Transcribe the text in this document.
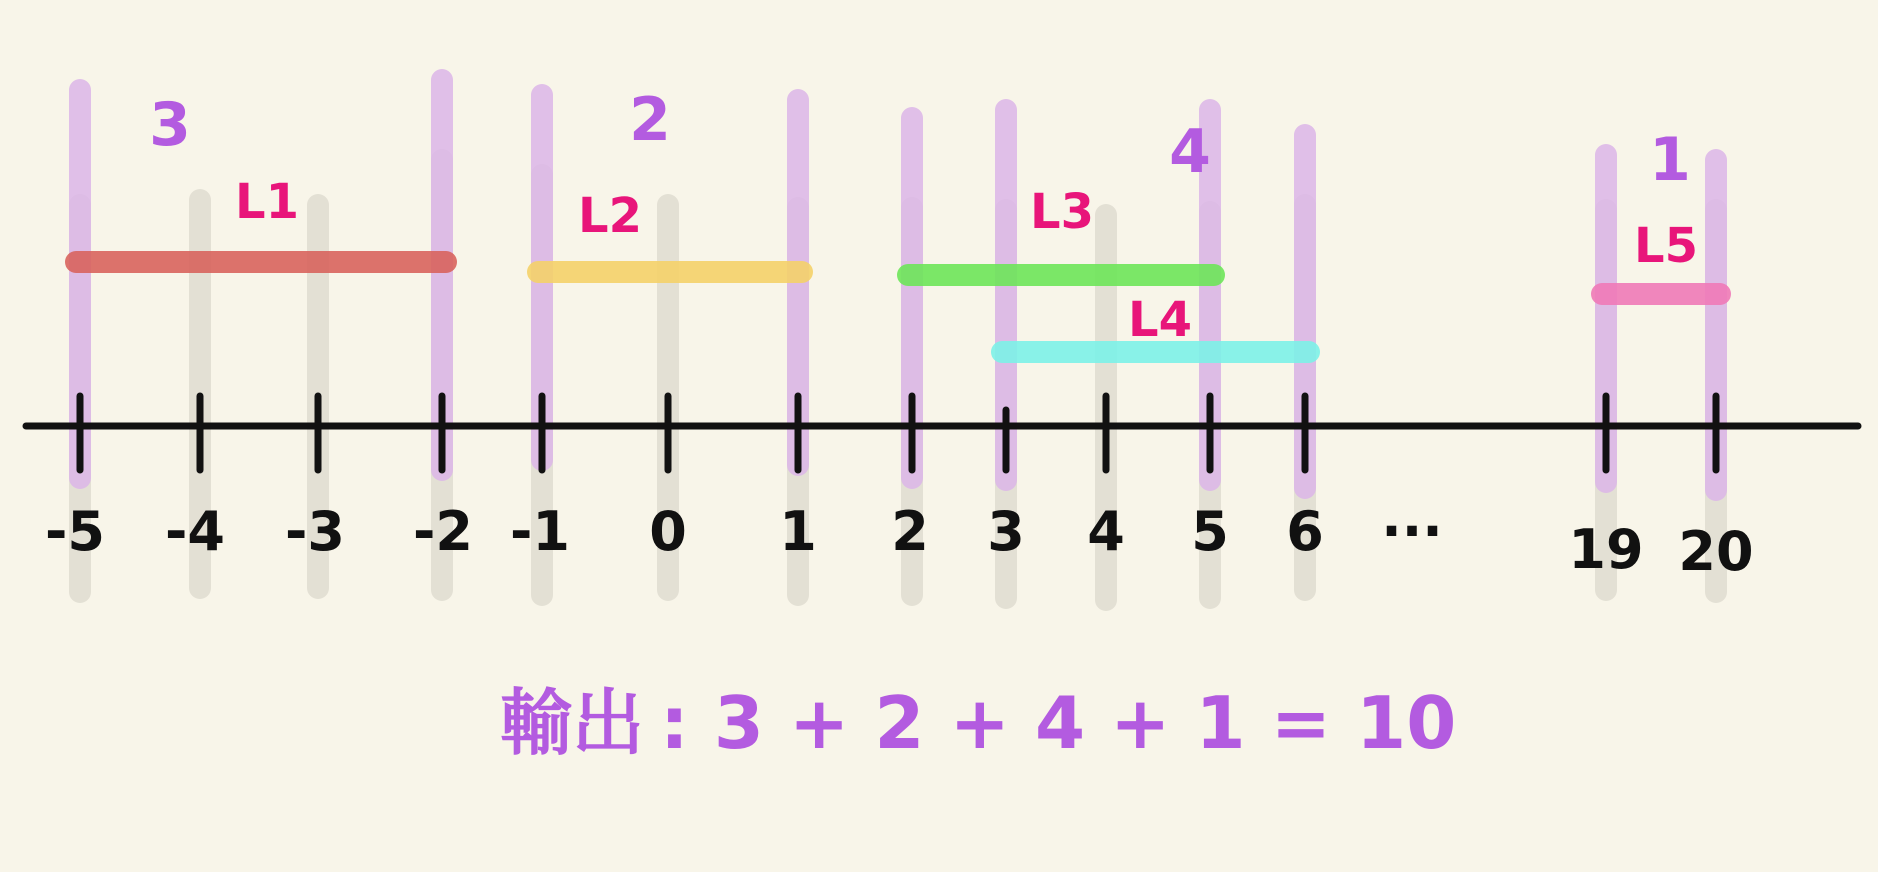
-5 -4 -3 -2 -1 0 1 2 3 4 5 6 ··· 19 20
L1	L2	L3
L4
L5
3	2	4	1
輸出 : 3 + 2 + 4 + 1 = 10
